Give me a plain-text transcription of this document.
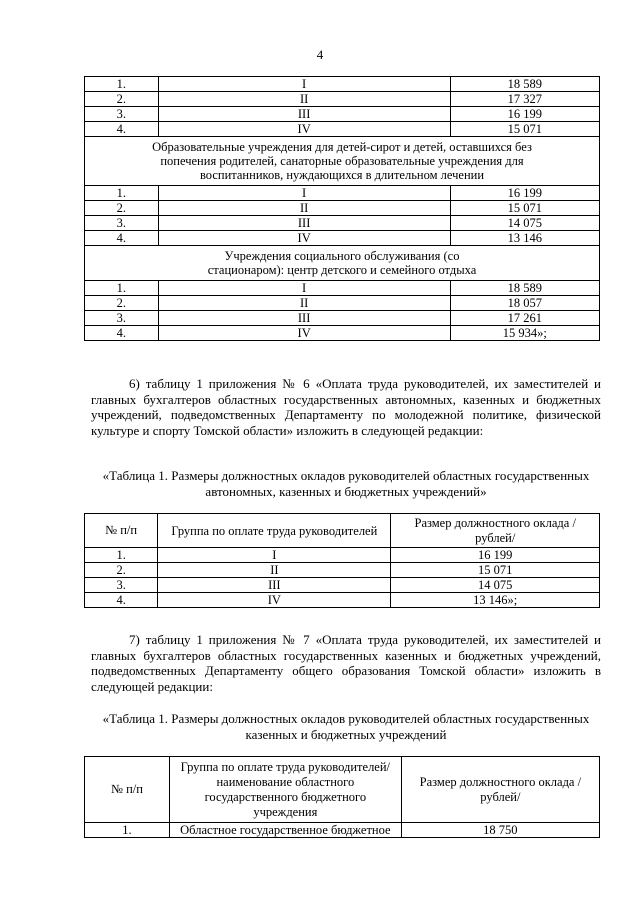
4
1.	I	18 589
2.	II	17 327
3.	III	16 199
4.	IV	15 071
Образовательные учреждения для детей-сирот и детей, оставшихся без попечения родителей, санаторные образовательные учреждения для воспитанников, нуждающихся в длительном лечении		
1.	I	16 199
2.	II	15 071
3.	III	14 075
4.	IV	13 146
Учреждения социального обслуживания (со стационаром): центр детского и семейного отдыха		
1.	I	18 589
2.	II	18 057
3.	III	17 261
4.	IV	15 934»;

6) таблицу 1 приложения № 6 «Оплата труда руководителей, их заместителей и главных бухгалтеров областных государственных автономных, казенных и бюджетных учреждений, подведомственных Департаменту по молодежной политике, физической культуре и спорту Томской области» изложить в следующей редакции:

«Таблица 1. Размеры должностных окладов руководителей областных государственных автономных, казенных и бюджетных учреждений»
№ п/п	Группа по оплате труда руководителей	Размер должностного оклада /рублей/
1.	I	16 199
2.	II	15 071
3.	III	14 075
4.	IV	13 146»;

7) таблицу 1 приложения № 7 «Оплата труда руководителей, их заместителей и главных бухгалтеров областных государственных казенных и бюджетных учреждений, подведомственных Департаменту общего образования Томской области» изложить в следующей редакции:

«Таблица 1. Размеры должностных окладов руководителей областных государственных казенных и бюджетных учреждений
№ п/п	Группа по оплате труда руководителей/ наименование областного государственного бюджетного учреждения	Размер должностного оклада /рублей/
1.	Областное государственное бюджетное	18 750
